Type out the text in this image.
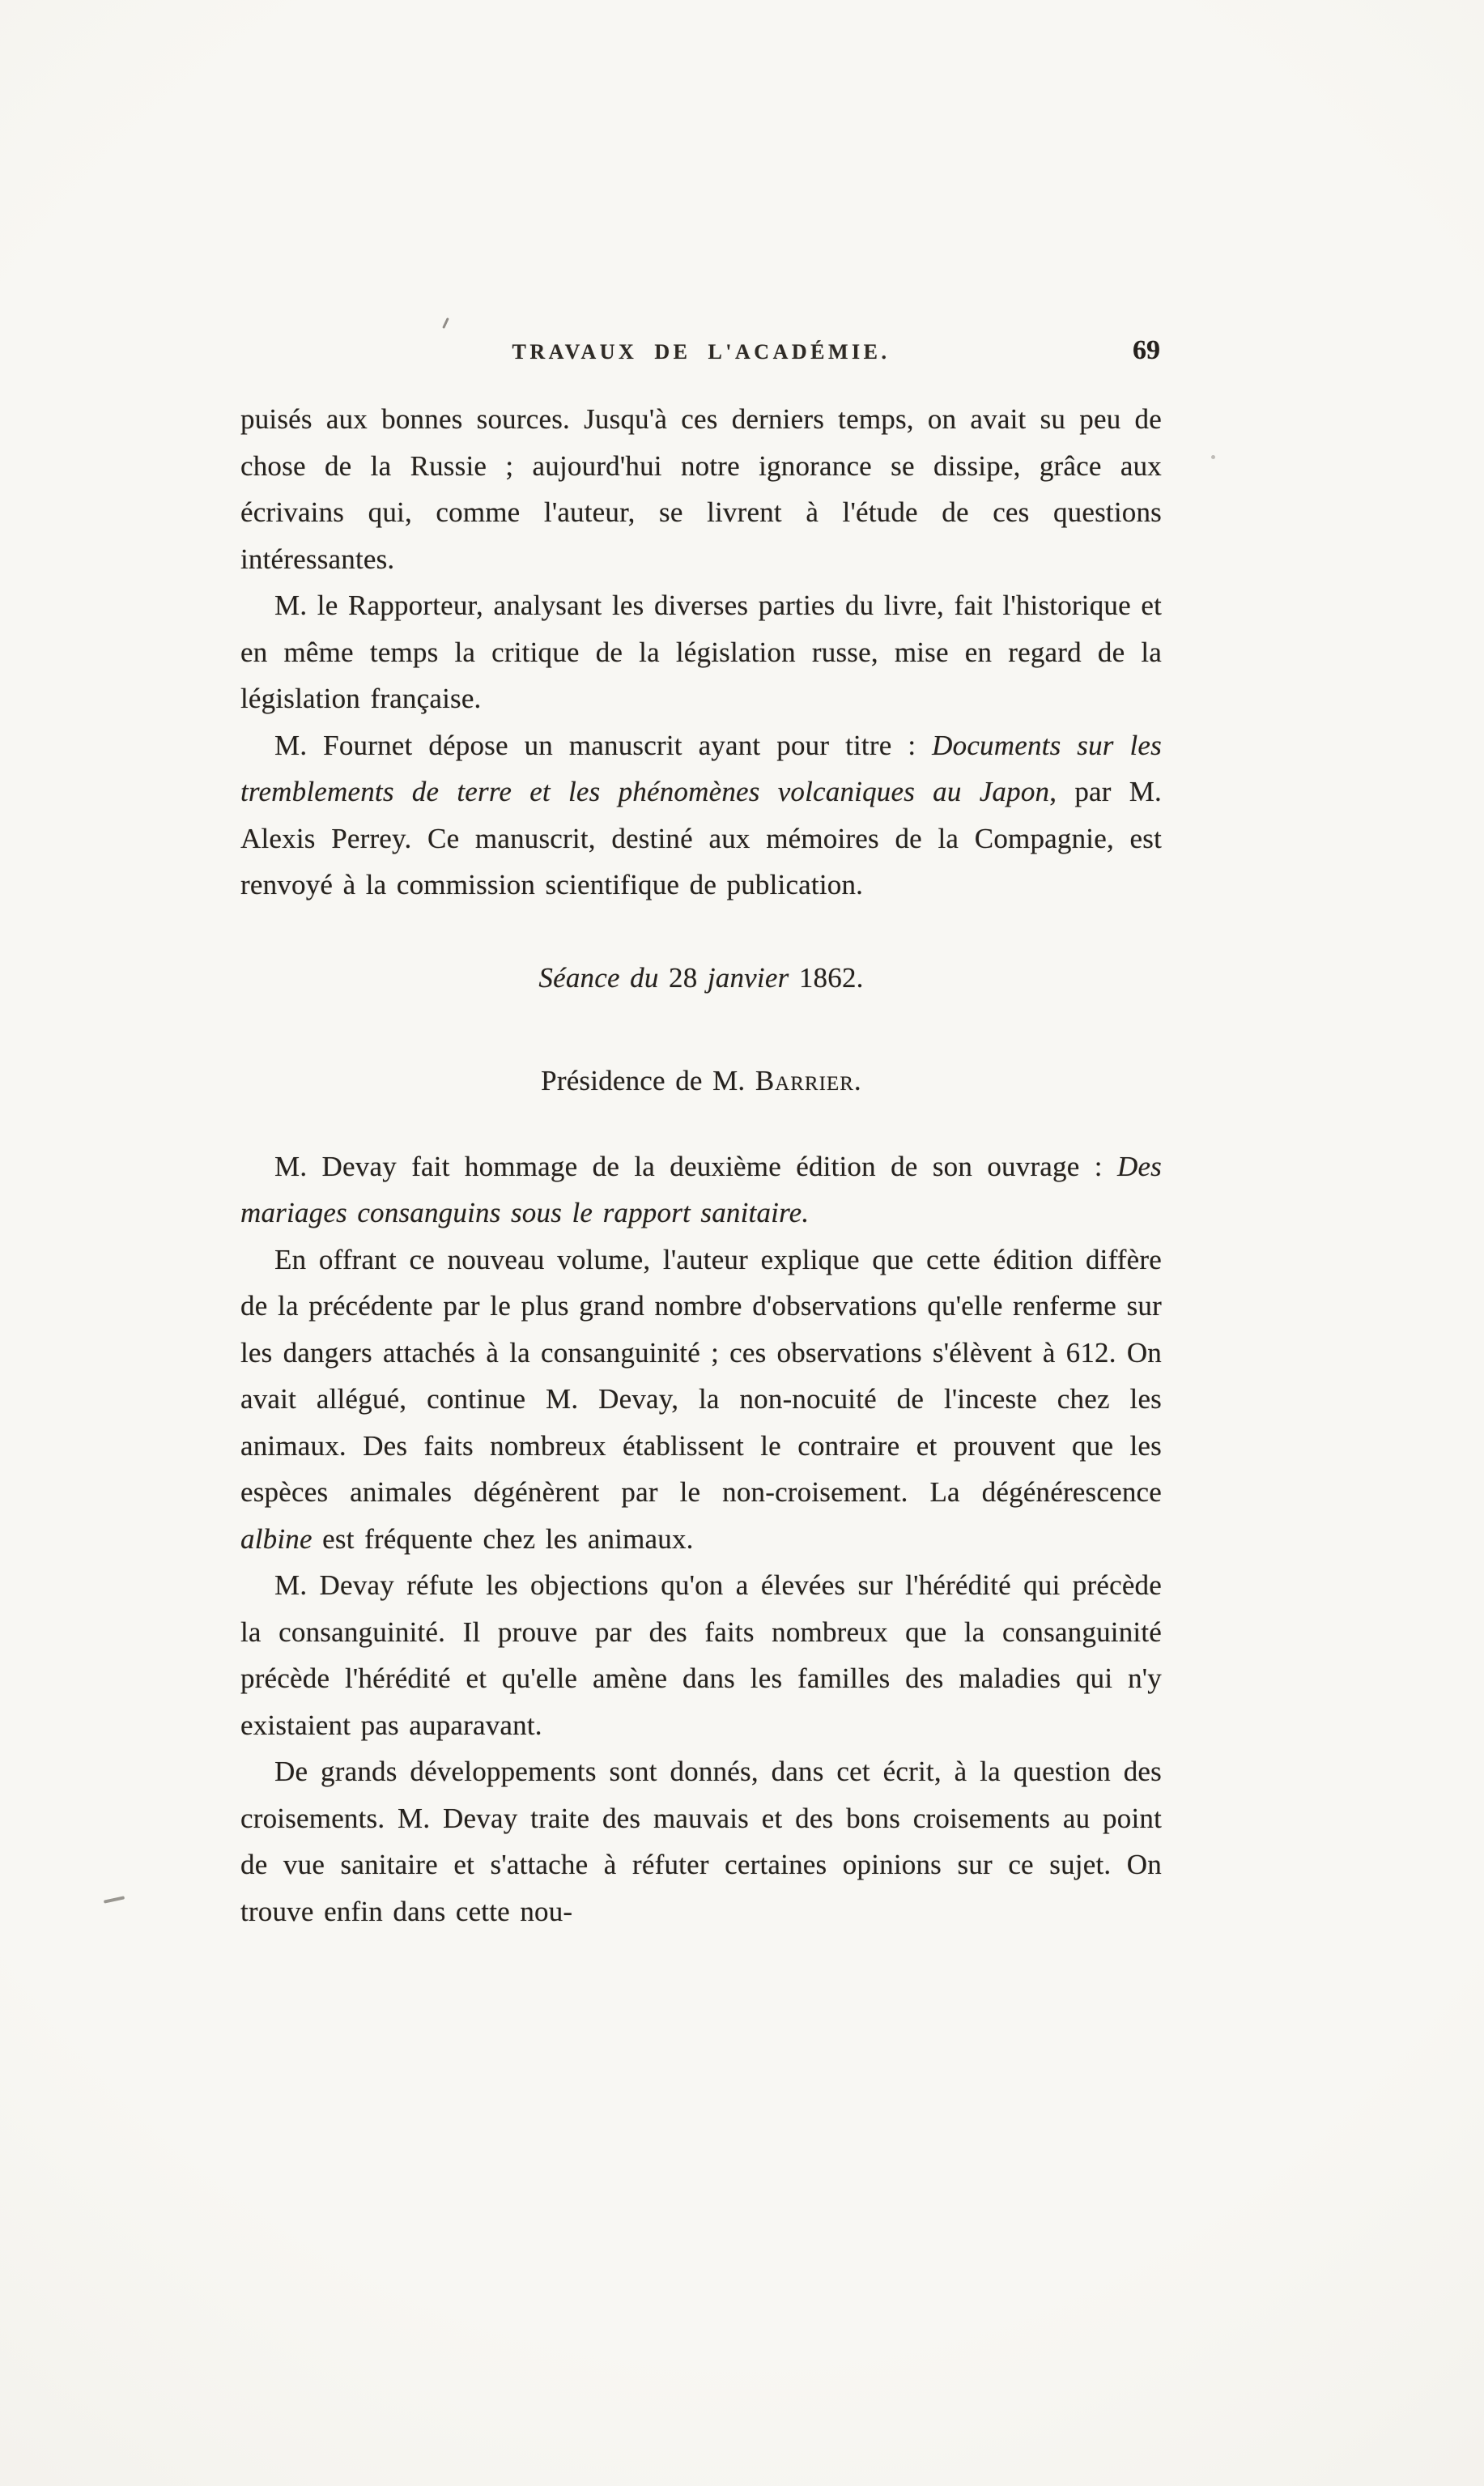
TRAVAUX DE L'ACADÉMIE.	69

puisés aux bonnes sources. Jusqu'à ces derniers temps, on avait su peu de chose de la Russie ; aujourd'hui notre ignorance se dissipe, grâce aux écrivains qui, comme l'auteur, se livrent à l'étude de ces questions intéressantes.

M. le Rapporteur, analysant les diverses parties du livre, fait l'historique et en même temps la critique de la législation russe, mise en regard de la législation française.

M. Fournet dépose un manuscrit ayant pour titre : Documents sur les tremblements de terre et les phénomènes volcaniques au Japon, par M. Alexis Perrey. Ce manuscrit, destiné aux mémoires de la Compagnie, est renvoyé à la commission scientifique de publication.

Séance du 28 janvier 1862.

Présidence de M. Barrier.

M. Devay fait hommage de la deuxième édition de son ouvrage : Des mariages consanguins sous le rapport sanitaire.

En offrant ce nouveau volume, l'auteur explique que cette édition diffère de la précédente par le plus grand nombre d'observations qu'elle renferme sur les dangers attachés à la consanguinité ; ces observations s'élèvent à 612. On avait allégué, continue M. Devay, la non-nocuité de l'inceste chez les animaux. Des faits nombreux établissent le contraire et prouvent que les espèces animales dégénèrent par le non-croisement. La dégénérescence albine est fréquente chez les animaux.

M. Devay réfute les objections qu'on a élevées sur l'hérédité qui précède la consanguinité. Il prouve par des faits nombreux que la consanguinité précède l'hérédité et qu'elle amène dans les familles des maladies qui n'y existaient pas auparavant.

De grands développements sont donnés, dans cet écrit, à la question des croisements. M. Devay traite des mauvais et des bons croisements au point de vue sanitaire et s'attache à réfuter certaines opinions sur ce sujet. On trouve enfin dans cette nou-
